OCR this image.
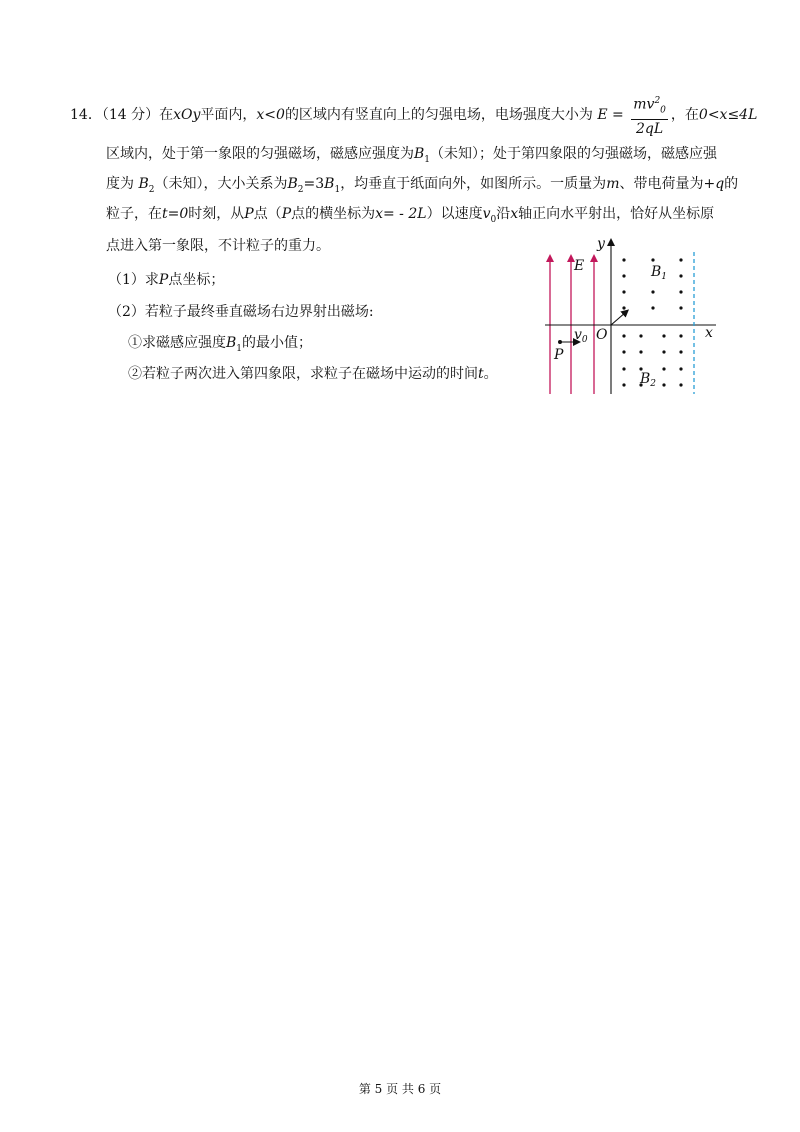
14．（14 分）在xOy平面内，x<0的区域内有竖直向上的匀强电场，电场强度大小为 $E = \frac{mv^2_0}{2qL}$ ，在0<x≤4L
区域内，处于第一象限的匀强磁场，磁感应强度为$B_1$（未知）；处于第四象限的匀强磁场，磁感应强
度为 $B_2$（未知），大小关系为$B_2=3B_1$，均垂直于纸面向外，如图所示。一质量为m、带电荷量为+q的
粒子，在t=0时刻，从P点（P点的横坐标为x= - 2L）以速度$v_0$沿x轴正向水平射出，恰好从坐标原
点进入第一象限，不计粒子的重力。
（1）求P点坐标；
（2）若粒子最终垂直磁场右边界射出磁场:
①求磁感应强度$B_1$的最小值；
②若粒子两次进入第四象限，求粒子在磁场中运动的时间t。
E
y
x
O
$B_1$
$B_2$
P
$v_0$
第 5 页 共 6 页
